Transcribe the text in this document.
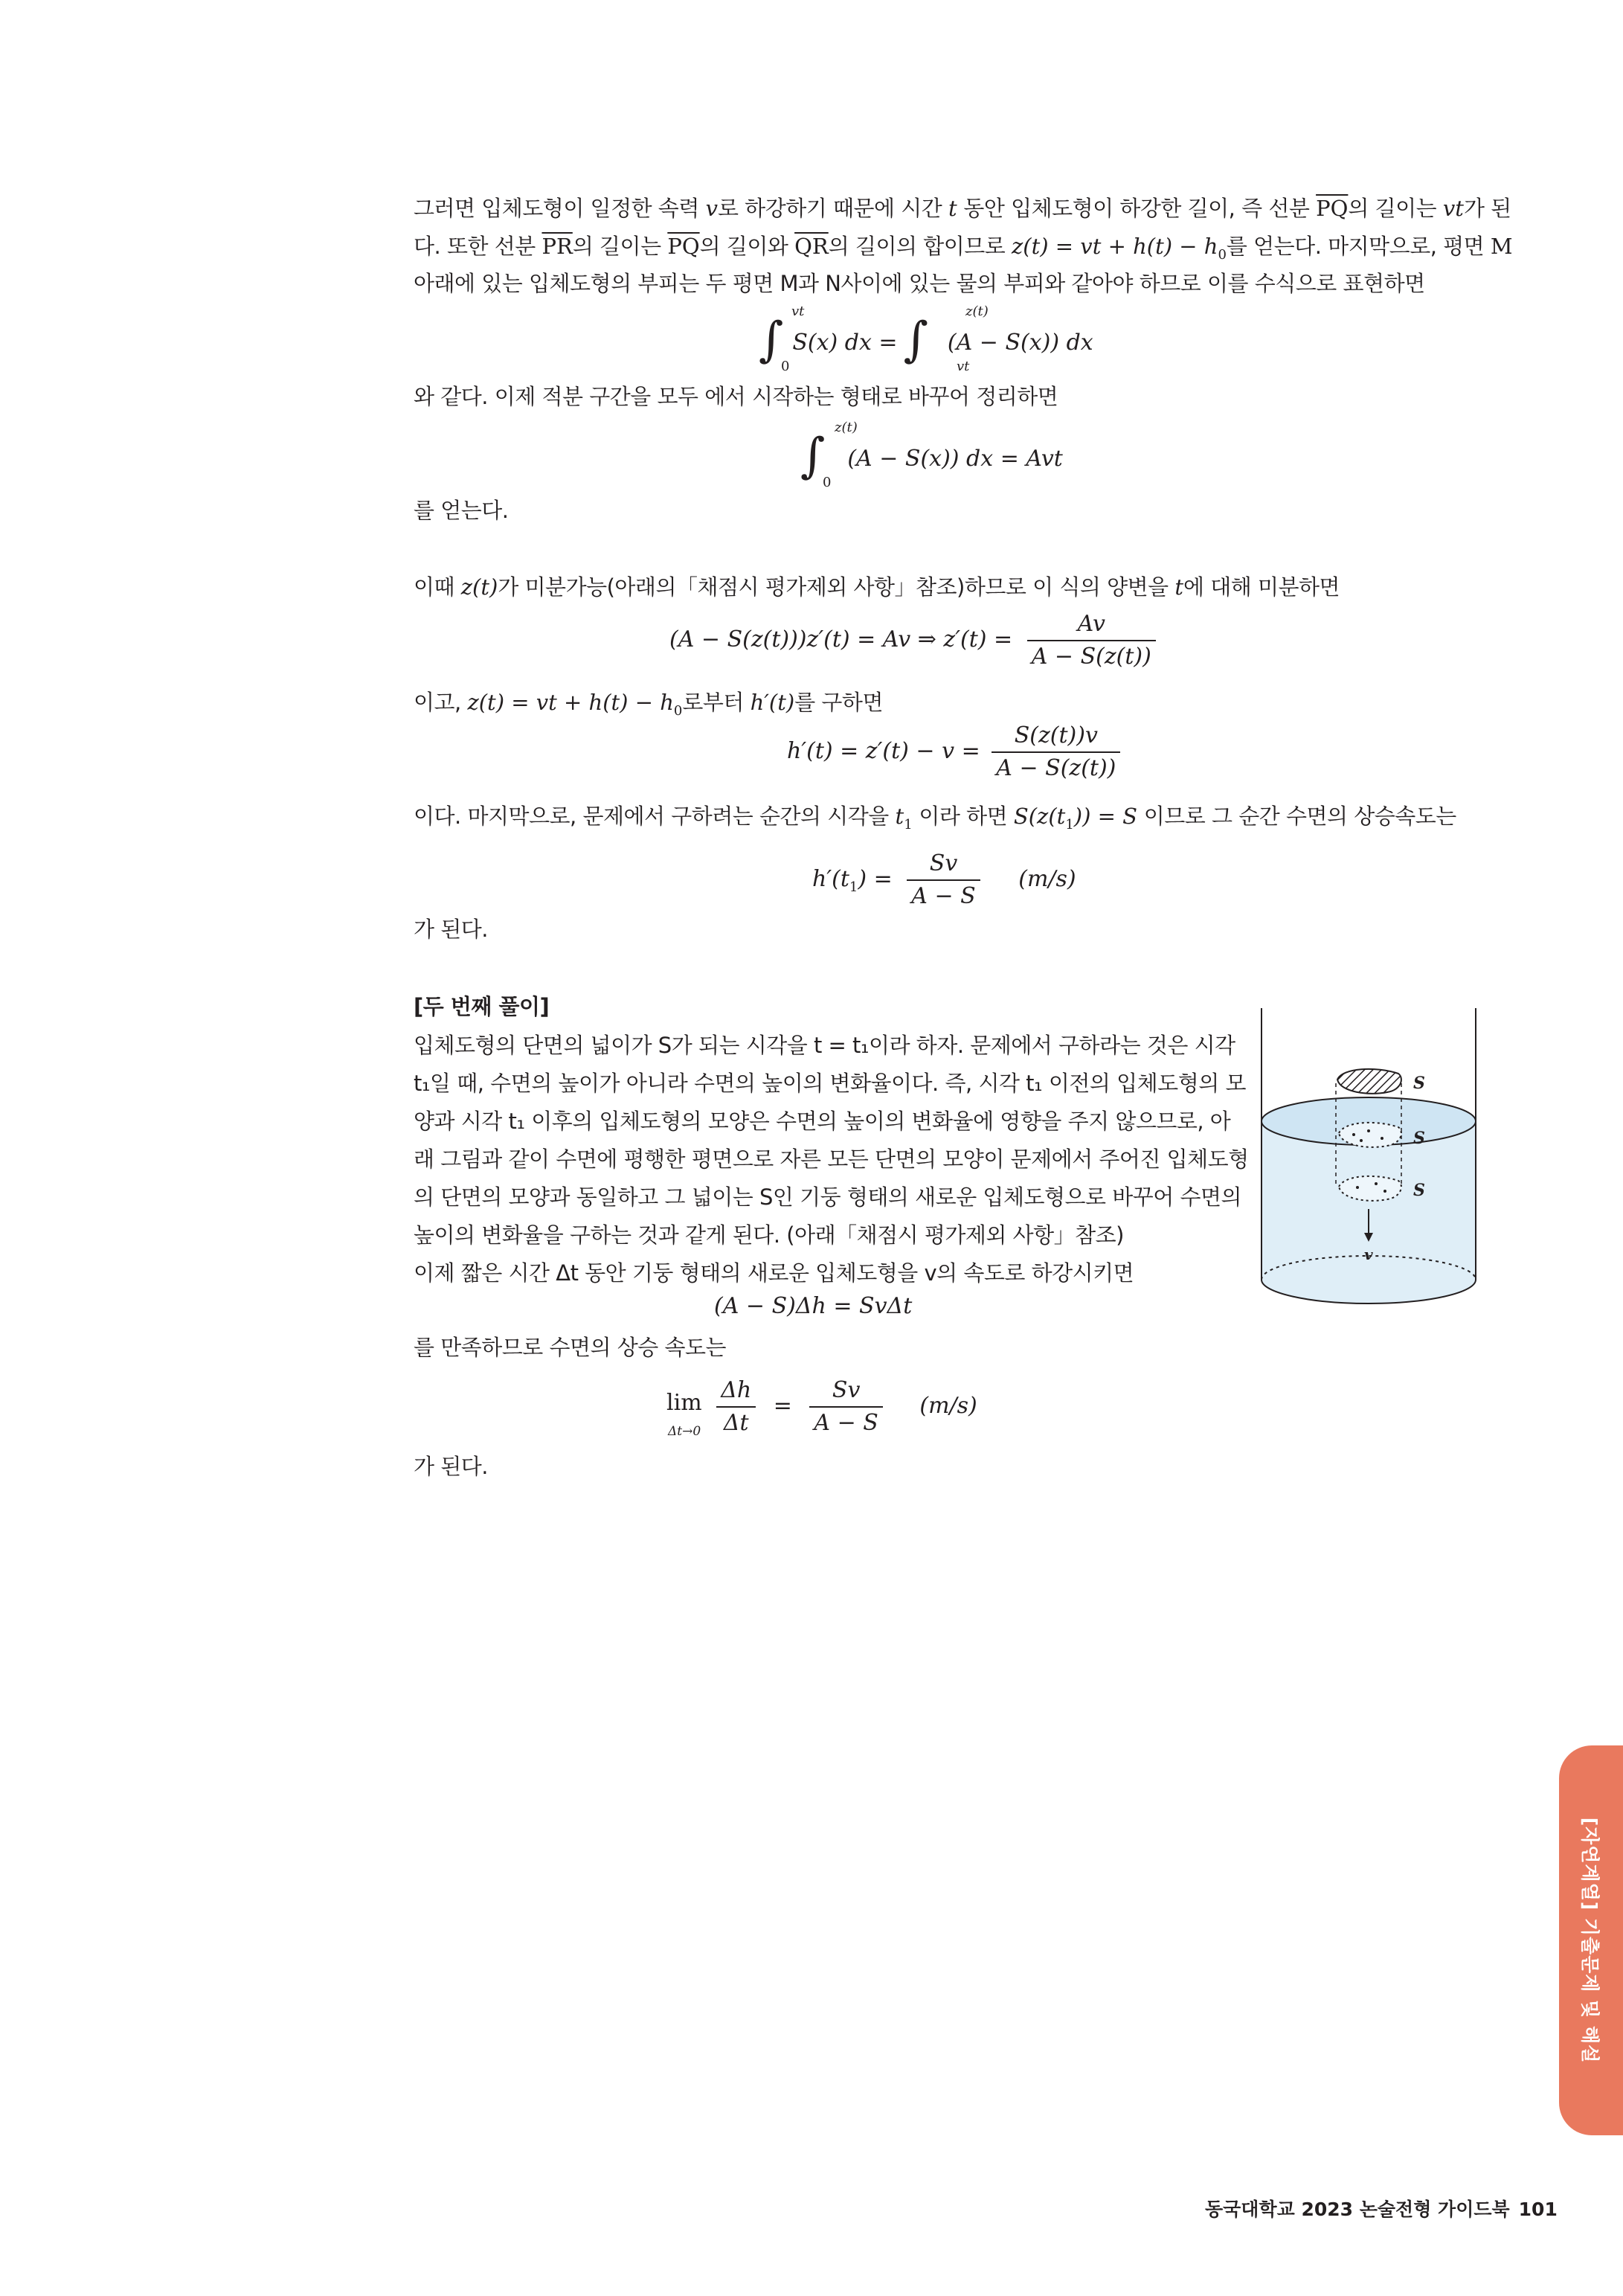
그러면 입체도형이 일정한 속력 v로 하강하기 때문에 시간 t 동안 입체도형이 하강한 길이, 즉 선분 $\overline{PQ}$의 길이는 vt가 된
다. 또한 선분 $\overline{PR}$의 길이는 $\overline{PQ}$의 길이와 $\overline{QR}$의 길이의 합이므로 z(t) = vt + $h(t) - h_0$를 얻는다. 마지막으로, 평면 M
아래에 있는 입체도형의 부피는 두 평면 M과 N사이에 있는 물의 부피와 같아야 하므로 이를 수식으로 표현하면
∫
vt
0
S(x) dx = ∫
z(t)
vt
(A − S(x)) dx
와 같다. 이제 적분 구간을 모두 에서 시작하는 형태로 바꾸어 정리하면
∫
z(t)
0
(A − S(x)) dx = Avt
를 얻는다.
이때 z(t)가 미분가능(아래의「채점시 평가제외 사항」참조)하므로 이 식의 양변을 t에 대해 미분하면
(A − S(z(t)))z′(t) = Av ⇒ $z'(t) = \frac{Av}{A - S(z(t))}$
이고, z(t) = vt + $h(t) - h_0$로부터 h′(t)를 구하면
$h'(t) = z'(t) - v = \frac{S(z(t))v}{A - S(z(t))}$
이다. 마지막으로, 문제에서 구하려는 순간의 시각을 $t_1$ 이라 하면 $S(z(t_1)) = S$ 이므로 그 순간 수면의 상승속도는
$h'(t_1) = \frac{Sv}{A - S} (m/s)$
가 된다.
[두 번째 풀이]
입체도형의 단면의 넓이가 S가 되는 시각을 t = t₁이라 하자. 문제에서 구하라는 것은 시각
t₁일 때, 수면의 높이가 아니라 수면의 높이의 변화율이다. 즉, 시각 t₁ 이전의 입체도형의 모
양과 시각 t₁ 이후의 입체도형의 모양은 수면의 높이의 변화율에 영향을 주지 않으므로, 아
래 그림과 같이 수면에 평행한 평면으로 자른 모든 단면의 모양이 문제에서 주어진 입체도형
의 단면의 모양과 동일하고 그 넓이는 S인 기둥 형태의 새로운 입체도형으로 바꾸어 수면의
높이의 변화율을 구하는 것과 같게 된다. (아래「채점시 평가제외 사항」참조)
이제 짧은 시간 Δt 동안 기둥 형태의 새로운 입체도형을 v의 속도로 하강시키면
(A − S)Δh = SvΔt
를 만족하므로 수면의 상승 속도는
$\lim \frac{\Delta h}{\Delta t} = \frac{Sv}{A - S} (m/s)$
Δt→0
가 된다.
S
S
S
v
[자연계열] 기출문제 및 해설
동국대학교 2023 논술전형 가이드북 101
